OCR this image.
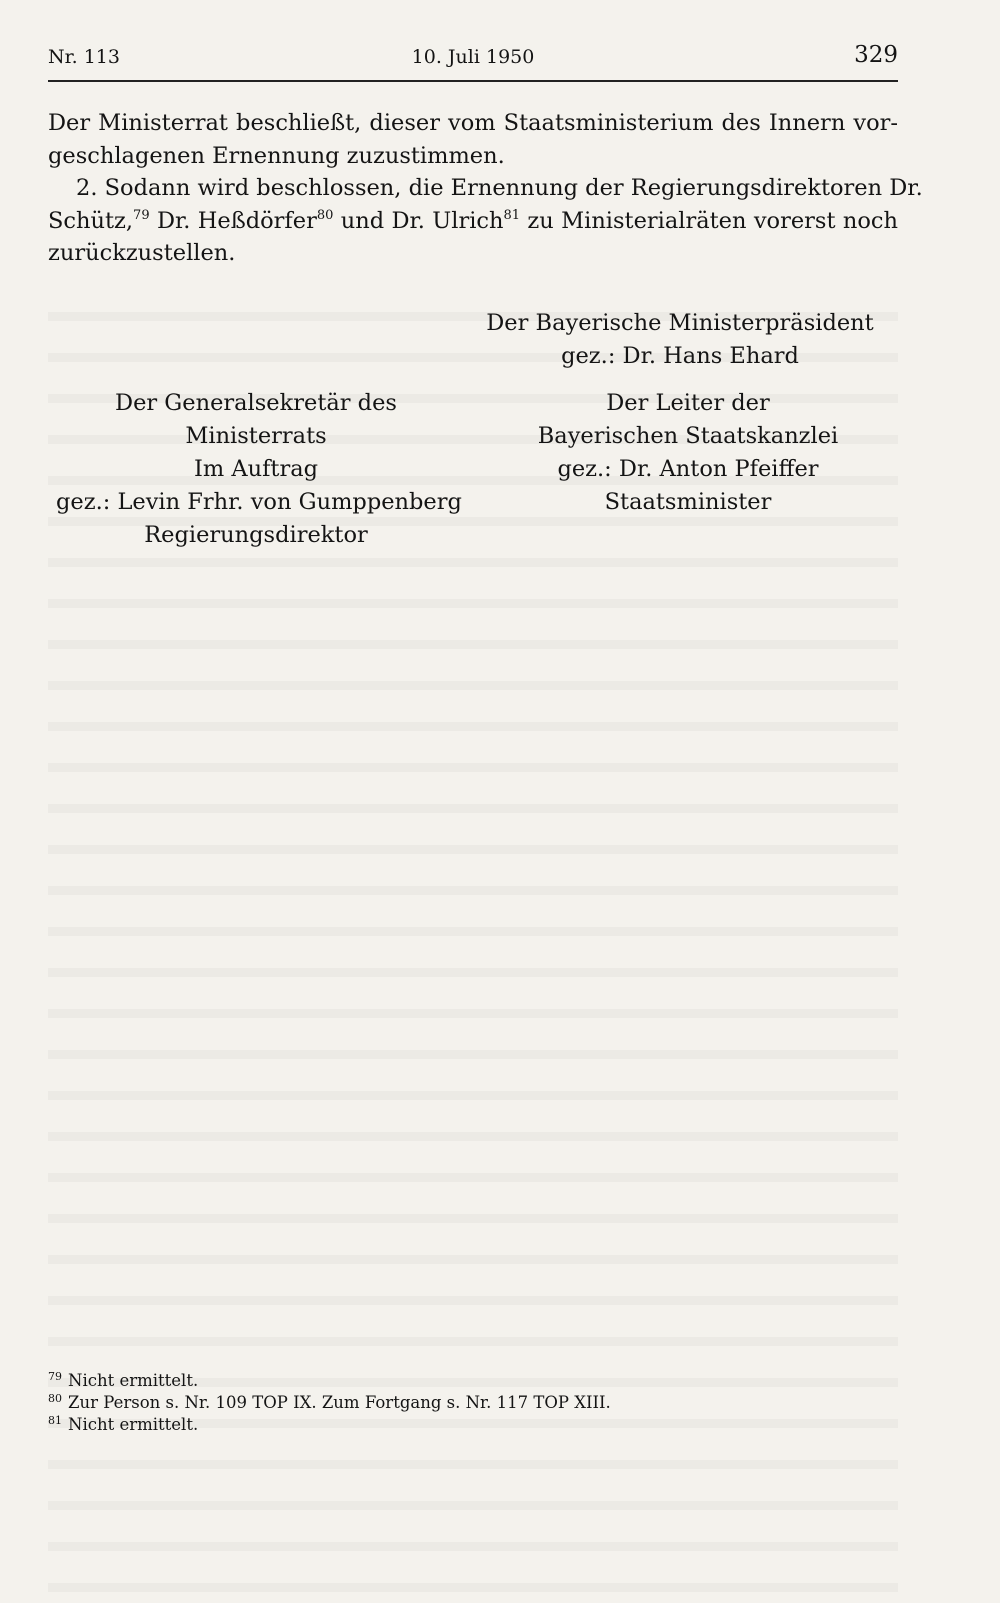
Nr. 113	10. Juli 1950	329

Der Ministerrat beschließt, dieser vom Staatsministerium des Innern vor-

geschlagenen Ernennung zuzustimmen.

2. Sodann wird beschlossen, die Ernennung der Regierungsdirektoren Dr.

Schütz,$^{79}$ Dr. Heßdörfer$^{80}$ und Dr. Ulrich$^{81}$ zu Ministerialräten vorerst noch

zurückzustellen.

Der Bayerische Ministerpräsident
gez.: Dr. Hans Ehard
Der Generalsekretär des
Ministerrats
Im Auftrag
gez.: Levin Frhr. von Gumppenberg
Regierungsdirektor
Der Leiter der
Bayerischen Staatskanzlei
gez.: Dr. Anton Pfeiffer
Staatsminister
79 Nicht ermittelt.
80 Zur Person s. Nr. 109 TOP IX. Zum Fortgang s. Nr. 117 TOP XIII.
81 Nicht ermittelt.
